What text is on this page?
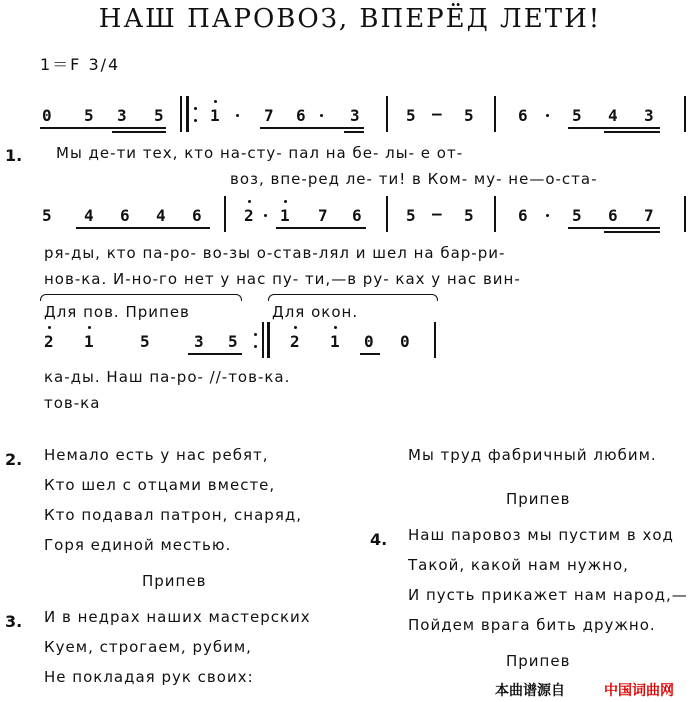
НАШ ПАРОВОЗ, ВПЕРЁД ЛЕТИ!
1＝F 3/4
0 5 3 5	1	7 6	3	5 — 5	6	5 4 3
1. Мы де-ти тех, кто на-сту- пал на бе- лы- е от-
воз, впе-ред ле- ти! в Ком- му- не—о-ста-
5 4 6 4 6	2 1 7 6	5 — 5	6	5 6 7
ря-ды, кто па-ро- во-зы о-став-лял и шел на бар-ри-
нов-ка. И-но-го нет у нас пу- ти,—в ру- ках у нас вин-
Для пов. Припев	Для окон.
2 1	5	3 5	2 1 0 0
ка-ды. Наш па-ро- //-тов-ка.
тов-ка
2. Немало есть у нас ребят,
Кто шел с отцами вместе,
Кто подавал патрон, снаряд,
Горя единой местью.
Припев
3. И в недрах наших мастерских
Куем, строгаем, рубим,
Не покладая рук своих:
Мы труд фабричный любим.
Припев
4. Наш паровоз мы пустим в ход
Такой, какой нам нужно,
И пусть прикажет нам народ,—
Пойдем врага бить дружно.
Припев
本曲谱源自	中国词曲网
